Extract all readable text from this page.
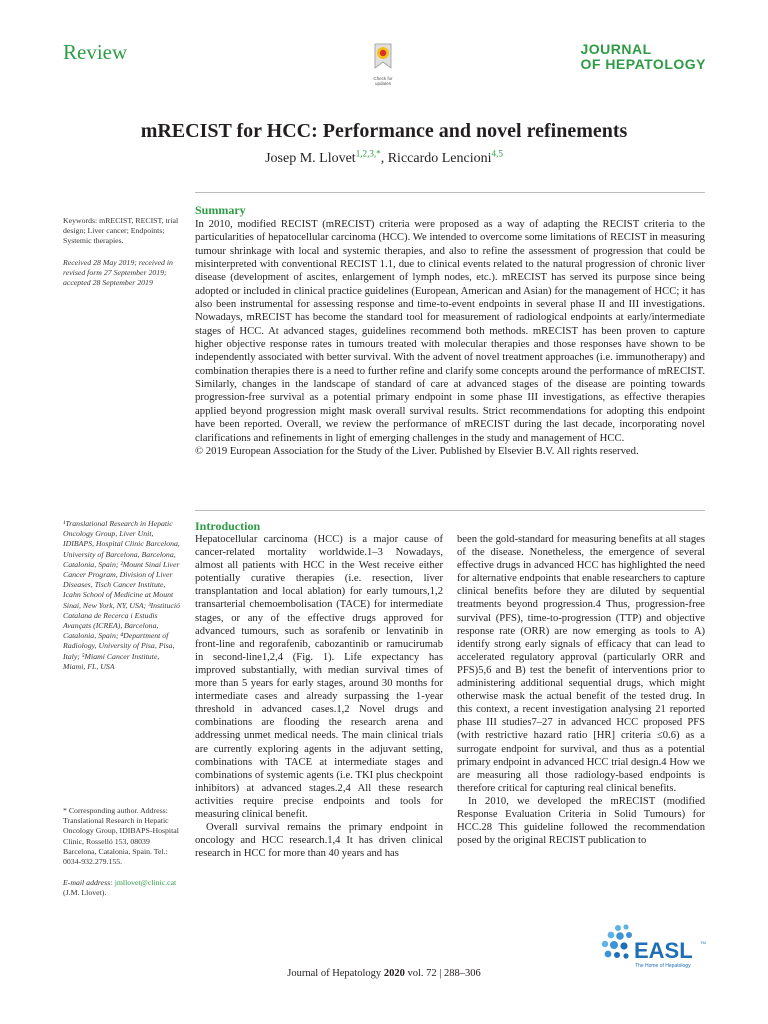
Review
Check for
updates
JOURNAL
OF HEPATOLOGY
mRECIST for HCC: Performance and novel refinements
Josep M. Llovet$^{1,2,3,*}$, Riccardo Lencioni$^{4,5}$
Keywords: mRECIST, RECIST, trial design; Liver cancer; Endpoints; Systemic therapies.
Received 28 May 2019; received in revised form 27 September 2019; accepted 28 September 2019
¹Translational Research in Hepatic Oncology Group, Liver Unit, IDIBAPS, Hospital Clinic Barcelona, University of Barcelona, Barcelona, Catalonia, Spain; ²Mount Sinai Liver Cancer Program, Division of Liver Diseases, Tisch Cancer Institute, Icahn School of Medicine at Mount Sinai, New York, NY, USA; ³Institució Catalana de Recerca i Estudis Avançats (ICREA), Barcelona, Catalonia, Spain; ⁴Department of Radiology, University of Pisa, Pisa, Italy; ⁵Miami Cancer Institute, Miami, FL, USA
* Corresponding author. Address: Translational Research in Hepatic Oncology Group, IDIBAPS-Hospital Clinic, Rosselló 153, 08039 Barcelona, Catalonia, Spain. Tel.: 0034-932.279.155.
E-mail address: jmllovet@clinic.cat (J.M. Llovet).
Summary
In 2010, modified RECIST (mRECIST) criteria were proposed as a way of adapting the RECIST criteria to the particularities of hepatocellular carcinoma (HCC). We intended to overcome some limitations of RECIST in measuring tumour shrinkage with local and systemic therapies, and also to refine the assessment of progression that could be misinterpreted with conventional RECIST 1.1, due to clinical events related to the natural progression of chronic liver disease (development of ascites, enlargement of lymph nodes, etc.). mRECIST has served its purpose since being adopted or included in clinical practice guidelines (European, American and Asian) for the management of HCC; it has also been instrumental for assessing response and time-to-event endpoints in several phase II and III investigations. Nowadays, mRECIST has become the standard tool for measurement of radiological endpoints at early/intermediate stages of HCC. At advanced stages, guidelines recommend both methods. mRECIST has been proven to capture higher objective response rates in tumours treated with molecular therapies and those responses have shown to be independently associated with better survival. With the advent of novel treatment approaches (i.e. immunotherapy) and combination therapies there is a need to further refine and clarify some concepts around the performance of mRECIST. Similarly, changes in the landscape of standard of care at advanced stages of the disease are pointing towards progression-free survival as a potential primary endpoint in some phase III investigations, as effective therapies applied beyond progression might mask overall survival results. Strict recommendations for adopting this endpoint have been reported. Overall, we review the performance of mRECIST during the last decade, incorporating novel clarifications and refinements in light of emerging challenges in the study and management of HCC.
© 2019 European Association for the Study of the Liver. Published by Elsevier B.V. All rights reserved.
Introduction

Hepatocellular carcinoma (HCC) is a major cause of cancer-related mortality worldwide.1–3 Nowadays, almost all patients with HCC in the West receive either potentially curative therapies (i.e. resection, liver transplantation and local ablation) for early tumours,1,2 transarterial chemoembolisation (TACE) for intermediate stages, or any of the effective drugs approved for advanced tumours, such as sorafenib or lenvatinib in front-line and regorafenib, cabozantinib or ramucirumab in second-line1,2,4 (Fig. 1). Life expectancy has improved substantially, with median survival times of more than 5 years for early stages, around 30 months for intermediate cases and already surpassing the 1-year threshold in advanced cases.1,2 Novel drugs and combinations are flooding the research arena and addressing unmet medical needs. The main clinical trials are currently exploring agents in the adjuvant setting, combinations with TACE at intermediate stages and combinations of systemic agents (i.e. TKI plus checkpoint inhibitors) at advanced stages.2,4 All these research activities require precise endpoints and tools for measuring clinical benefit.

Overall survival remains the primary endpoint in oncology and HCC research.1,4 It has driven clinical research in HCC for more than 40 years and has

been the gold-standard for measuring benefits at all stages of the disease. Nonetheless, the emergence of several effective drugs in advanced HCC has highlighted the need for alternative endpoints that enable researchers to capture clinical benefits before they are diluted by sequential treatments beyond progression.4 Thus, progression-free survival (PFS), time-to-progression (TTP) and objective response rate (ORR) are now emerging as tools to A) identify strong early signals of efficacy that can lead to accelerated regulatory approval (particularly ORR and PFS)5,6 and B) test the benefit of interventions prior to administering additional sequential drugs, which might otherwise mask the actual benefit of the tested drug. In this context, a recent investigation analysing 21 reported phase III studies7–27 in advanced HCC proposed PFS (with restrictive hazard ratio [HR] criteria ≤0.6) as a surrogate endpoint for survival, and thus as a potential primary endpoint in advanced HCC trial design.4 How we are measuring all those radiology-based endpoints is therefore critical for capturing real clinical benefits.

In 2010, we developed the mRECIST (modified Response Evaluation Criteria in Solid Tumours) for HCC.28 This guideline followed the recommendation posed by the original RECIST publication to

EASL TM
The Home of Hepatology
Journal of Hepatology 2020 vol. 72 | 288–306
